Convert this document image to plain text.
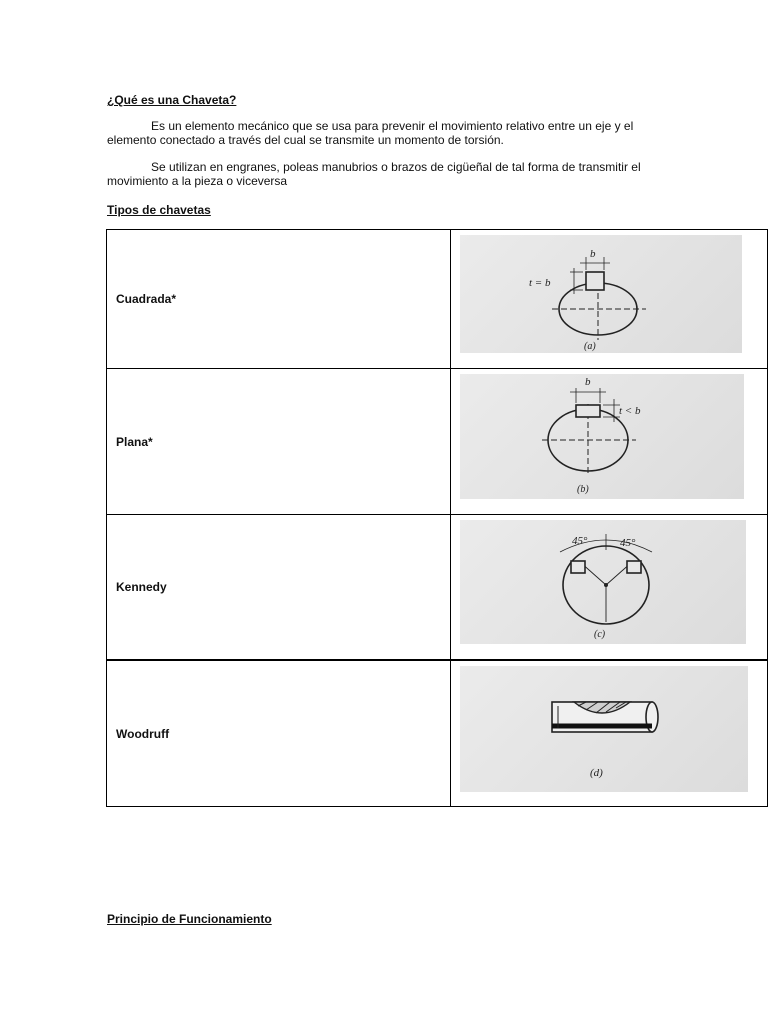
¿Qué es una Chaveta?
Es un elemento mecánico que se usa para prevenir el movimiento relativo entre un eje y el elemento conectado a través del cual se transmite un momento de torsión.
Se utilizan en engranes, poleas manubrios o brazos de cigüeñal de tal forma de transmitir el movimiento a la pieza o viceversa
Tipos de chavetas
Cuadrada*	b
t = b
(a)

Plana*	b
t < b
(b)

Kennedy	45° 45°
(c)

Woodruff	(d)
Principio de Funcionamiento
